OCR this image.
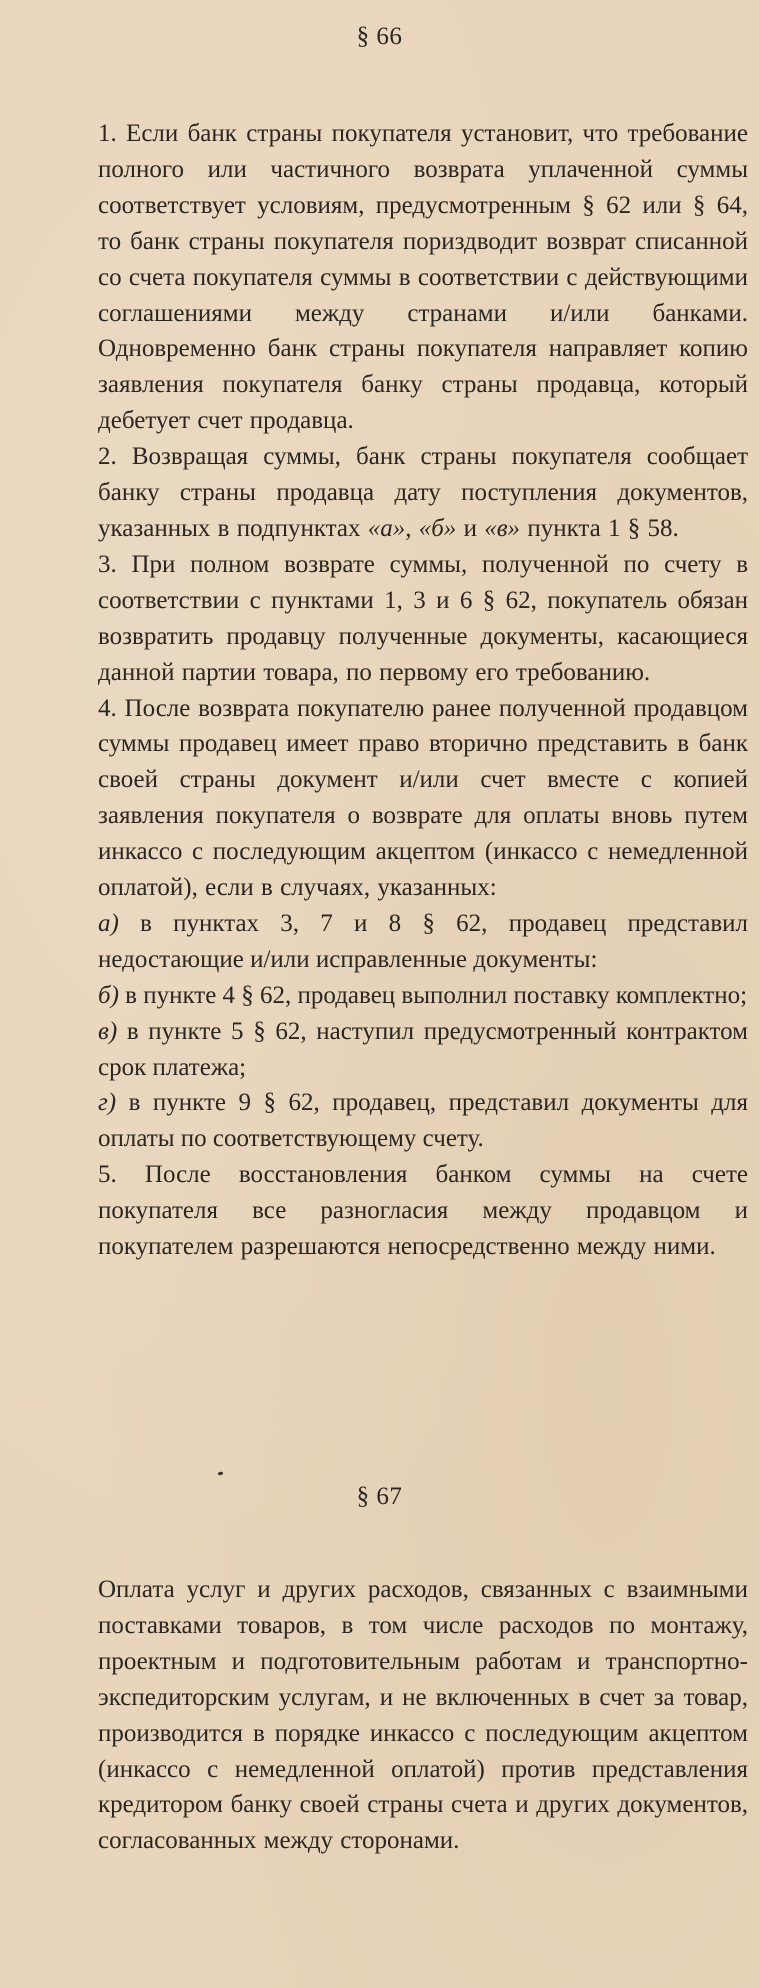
§ 66

1. Если банк страны покупателя установит, что требование полного или частичного возврата уплаченной суммы соответствует условиям, предусмотренным § 62 или § 64, то банк страны покупателя пориздводит возврат списанной со счета покупателя суммы в соответствии с действующими соглашениями между странами и/или банками. Одновременно банк страны покупателя направляет копию заявления покупателя банку страны продавца, который дебетует счет продавца.

2. Возвращая суммы, банк страны покупателя сообщает банку страны продавца дату поступления документов, указанных в подпунктах «а», «б» и «в» пункта 1 § 58.

3. При полном возврате суммы, полученной по счету в соответствии с пунктами 1, 3 и 6 § 62, покупатель обязан возвратить продавцу полученные документы, касающиеся данной партии товара, по первому его требованию.

4. После возврата покупателю ранее полученной продавцом суммы продавец имеет право вторично представить в банк своей страны документ и/или счет вместе с копией заявления покупателя о возврате для оплаты вновь путем инкассо с последующим акцептом (инкассо с немедленной оплатой), если в случаях, указанных:

а) в пунктах 3, 7 и 8 § 62, продавец представил недостающие и/или исправленные документы:

б) в пункте 4 § 62, продавец выполнил поставку комплектно;

в) в пункте 5 § 62, наступил предусмотренный контрактом срок платежа;

г) в пункте 9 § 62, продавец, представил документы для оплаты по соответствующему счету.

5. После восстановления банком суммы на счете покупателя все разногласия между продавцом и покупателем разрешаются непосредственно между ними.

§ 67

Оплата услуг и других расходов, связанных с взаимными поставками товаров, в том числе расходов по монтажу, проектным и подготовительным работам и транспортно-экспедиторским услугам, и не включенных в счет за товар, производится в порядке инкассо с последующим акцептом (инкассо с немедленной оплатой) против представления кредитором банку своей страны счета и других документов, согласованных между сторонами.
